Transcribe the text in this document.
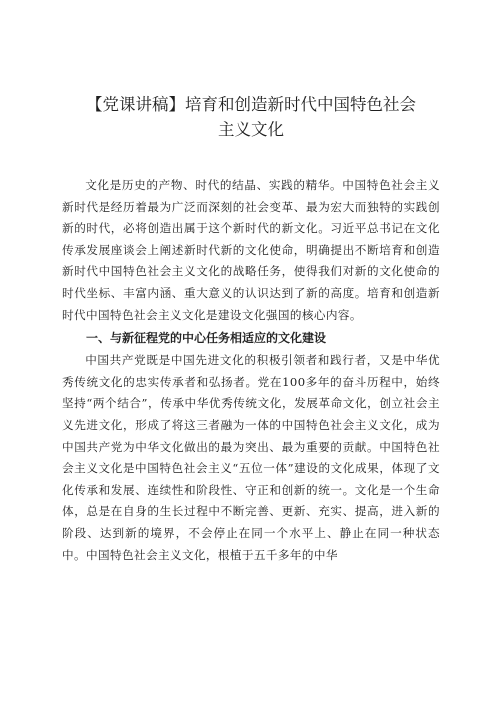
【党课讲稿】培育和创造新时代中国特色社会
主义文化

文化是历史的产物、时代的结晶、实践的精华。中国特色社会主义新时代是经历着最为广泛而深刻的社会变革、最为宏大而独特的实践创新的时代，必将创造出属于这个新时代的新文化。习近平总书记在文化传承发展座谈会上阐述新时代新的文化使命，明确提出不断培育和创造新时代中国特色社会主义文化的战略任务，使得我们对新的文化使命的时代坐标、丰富内涵、重大意义的认识达到了新的高度。培育和创造新时代中国特色社会主义文化是建设文化强国的核心内容。

一、与新征程党的中心任务相适应的文化建设

中国共产党既是中国先进文化的积极引领者和践行者，又是中华优秀传统文化的忠实传承者和弘扬者。党在100多年的奋斗历程中，始终坚持“两个结合”，传承中华优秀传统文化，发展革命文化，创立社会主义先进文化，形成了将这三者融为一体的中国特色社会主义文化，成为中国共产党为中华文化做出的最为突出、最为重要的贡献。中国特色社会主义文化是中国特色社会主义“五位一体”建设的文化成果，体现了文化传承和发展、连续性和阶段性、守正和创新的统一。文化是一个生命体，总是在自身的生长过程中不断完善、更新、充实、提高，进入新的阶段、达到新的境界，不会停止在同一个水平上、静止在同一种状态中。中国特色社会主义文化，根植于五千多年的中华
